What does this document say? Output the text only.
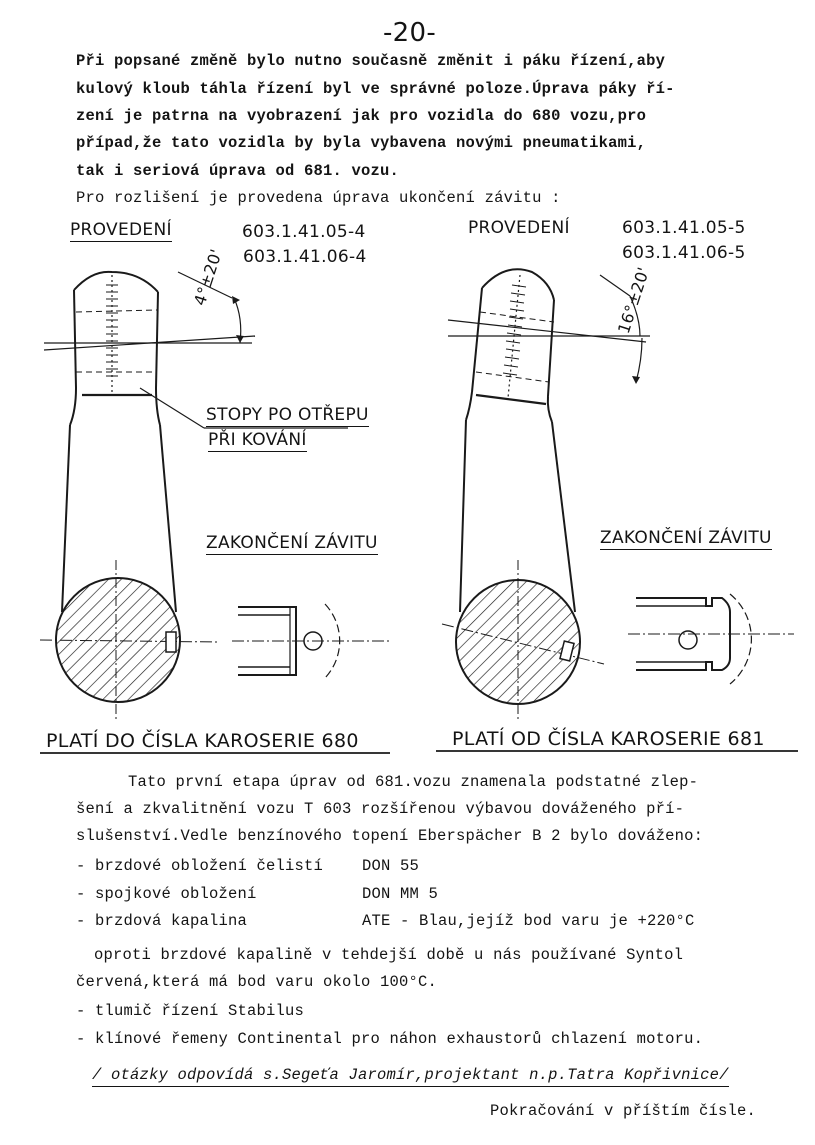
-20-
Při popsané změně bylo nutno současně změnit i páku řízení,aby
kulový kloub táhla řízení byl ve správné poloze.Úprava páky ří-
zení je patrna na vyobrazení jak pro vozidla do 680 vozu,pro
případ,že tato vozidla by byla vybavena novými pneumatikami,
tak i seriová úprava od 681. vozu.
Pro rozlišení je provedena úprava ukončení závitu :
PROVEDENÍ	603.1.41.05-4
603.1.41.06-4
4°±20'
STOPY PO OTŘEPU
PŘI KOVÁNÍ
ZAKONČENÍ ZÁVITU
PLATÍ DO ČÍSLA KAROSERIE 680
PROVEDENÍ	603.1.41.05-5
603.1.41.06-5
16°±20'
ZAKONČENÍ ZÁVITU
PLATÍ OD ČÍSLA KAROSERIE 681
Tato první etapa úprav od 681.vozu znamenala podstatné zlep-
šení a zkvalitnění vozu T 603 rozšířenou výbavou dováženého pří-
slušenství.Vedle benzínového topení Eberspächer B 2 bylo dováženo:
- brzdové obložení čelistí	DON 55
- spojkové obložení	DON MM 5
- brzdová kapalina	ATE - Blau,jejíž bod varu je +220°C
oproti brzdové kapalině v tehdejší době u nás používané Syntol
červená,která má bod varu okolo 100°C.
- tlumič řízení Stabilus
- klínové řemeny Continental pro náhon exhaustorů chlazení motoru.
/ otázky odpovídá s.Segeťa Jaromír,projektant n.p.Tatra Kopřivnice/
Pokračování v příštím čísle.
